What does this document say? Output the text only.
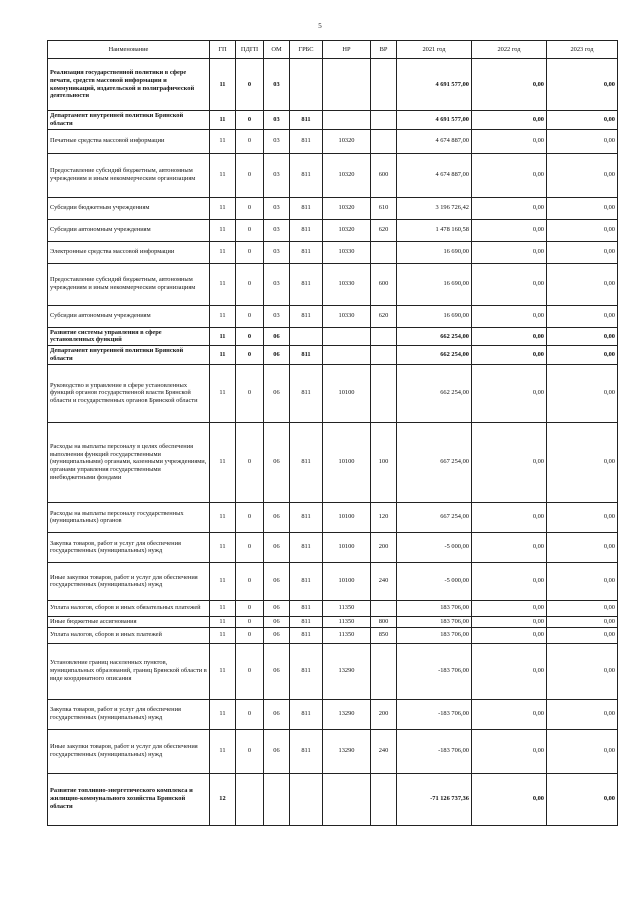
5
Наименование	ГП	ПДГП	ОМ	ГРБС	НР	ВР	2021 год	2022 год	2023 год
Реализация государственной политики в сфере печати, средств массовой информации и коммуникаций, издательской и полиграфической деятельности	11	0	03				4 691 577,00	0,00	0,00
Департамент внутренней политики Брянской области	11	0	03	811			4 691 577,00	0,00	0,00
Печатные средства массовой информации	11	0	03	811	10320		4 674 887,00	0,00	0,00
Предоставление субсидий бюджетным, автономным учреждениям и иным некоммерческим организациям	11	0	03	811	10320	600	4 674 887,00	0,00	0,00
Субсидии бюджетным учреждениям	11	0	03	811	10320	610	3 196 726,42	0,00	0,00
Субсидии автономным учреждениям	11	0	03	811	10320	620	1 478 160,58	0,00	0,00
Электронные средства массовой информации	11	0	03	811	10330		16 690,00	0,00	0,00
Предоставление субсидий бюджетным, автономным учреждениям и иным некоммерческим организациям	11	0	03	811	10330	600	16 690,00	0,00	0,00
Субсидии автономным учреждениям	11	0	03	811	10330	620	16 690,00	0,00	0,00
Развитие системы управления в сфере установленных функций	11	0	06				662 254,00	0,00	0,00
Департамент внутренней политики Брянской области	11	0	06	811			662 254,00	0,00	0,00
Руководство и управление в сфере установленных функций органов государственной власти Брянской области и государственных органов Брянской области	11	0	06	811	10100		662 254,00	0,00	0,00
Расходы на выплаты персоналу в целях обеспечения выполнения функций государственными (муниципальными) органами, казенными учреждениями, органами управления государственными внебюджетными фондами	11	0	06	811	10100	100	667 254,00	0,00	0,00
Расходы на выплаты персоналу государственных (муниципальных) органов	11	0	06	811	10100	120	667 254,00	0,00	0,00
Закупка товаров, работ и услуг для обеспечения государственных (муниципальных) нужд	11	0	06	811	10100	200	-5 000,00	0,00	0,00
Иные закупки товаров, работ и услуг для обеспечения государственных (муниципальных) нужд	11	0	06	811	10100	240	-5 000,00	0,00	0,00
Уплата налогов, сборов и иных обязательных платежей	11	0	06	811	11350		183 706,00	0,00	0,00
Иные бюджетные ассигнования	11	0	06	811	11350	800	183 706,00	0,00	0,00
Уплата налогов, сборов и иных платежей	11	0	06	811	11350	850	183 706,00	0,00	0,00
Установление границ населенных пунктов, муниципальных образований, границ Брянской области в виде координатного описания	11	0	06	811	13290		-183 706,00	0,00	0,00
Закупка товаров, работ и услуг для обеспечения государственных (муниципальных) нужд	11	0	06	811	13290	200	-183 706,00	0,00	0,00
Иные закупки товаров, работ и услуг для обеспечения государственных (муниципальных) нужд	11	0	06	811	13290	240	-183 706,00	0,00	0,00
Развитие топливно-энергетического комплекса и жилищно-коммунального хозяйства Брянской области	12						-71 126 737,36	0,00	0,00
